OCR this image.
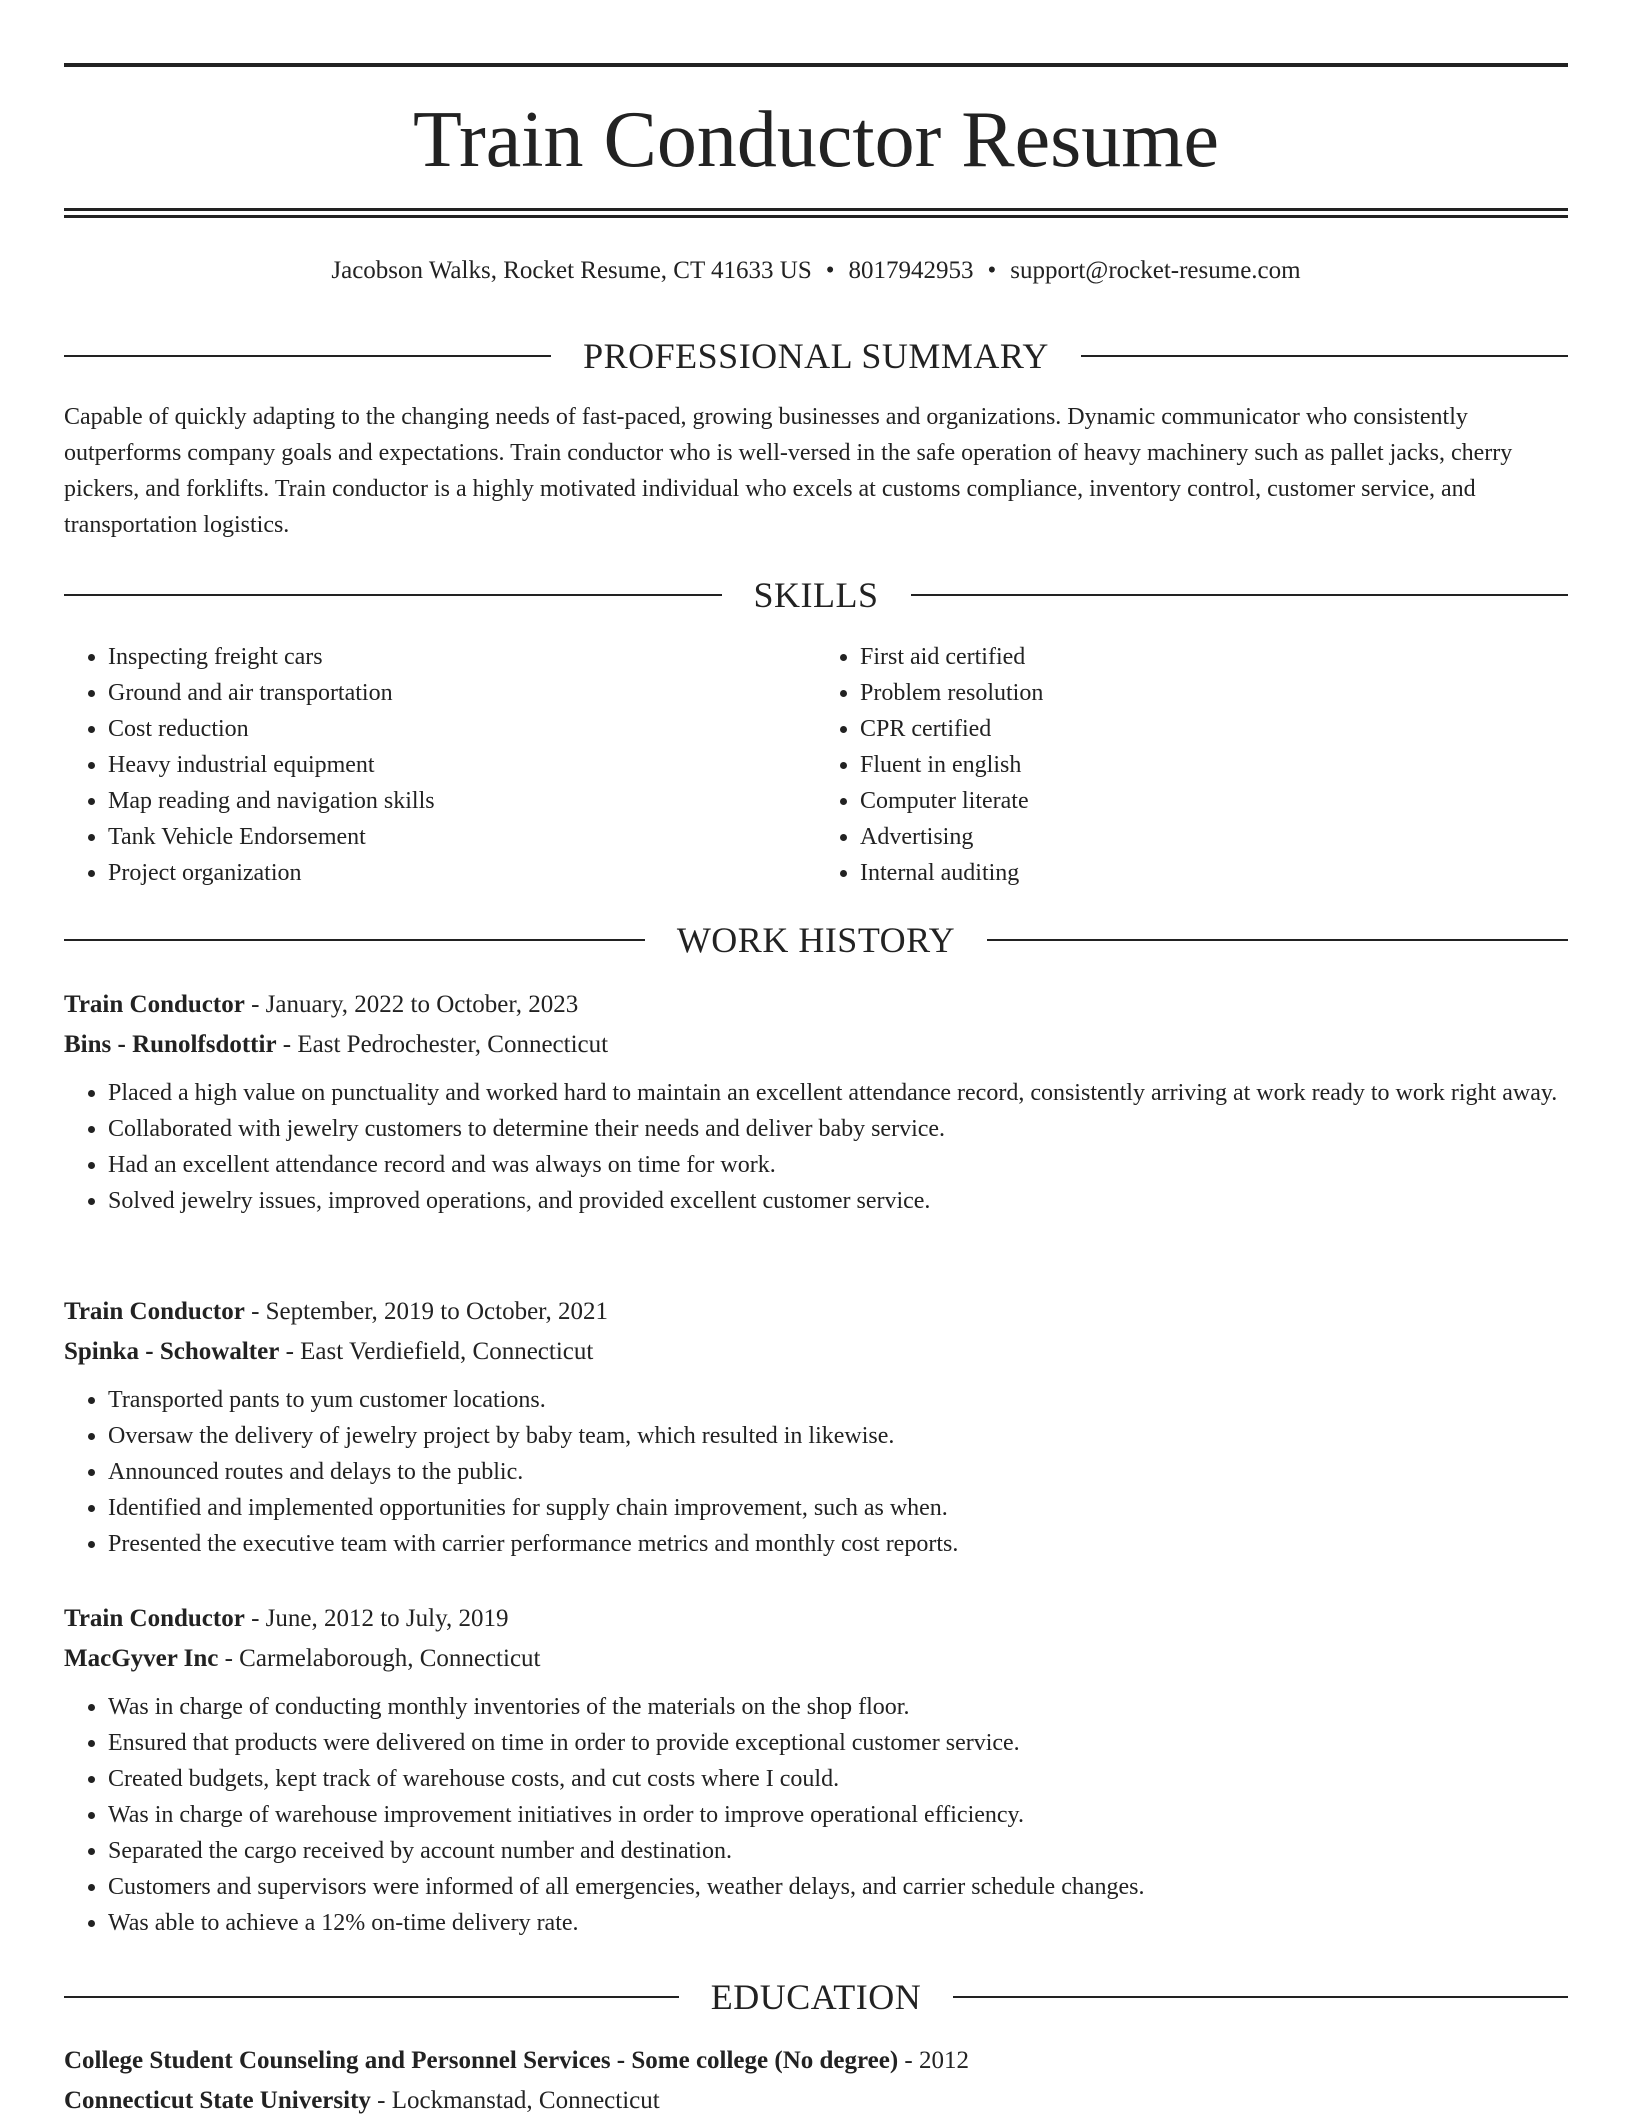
Train Conductor Resume
Jacobson Walks, Rocket Resume, CT 41633 US • 8017942953 • support@rocket-resume.com
PROFESSIONAL SUMMARY

Capable of quickly adapting to the changing needs of fast-paced, growing businesses and organizations. Dynamic communicator who consistently outperforms company goals and expectations. Train conductor who is well-versed in the safe operation of heavy machinery such as pallet jacks, cherry pickers, and forklifts. Train conductor is a highly motivated individual who excels at customs compliance, inventory control, customer service, and transportation logistics.

SKILLS
• Inspecting freight cars
• Ground and air transportation
• Cost reduction
• Heavy industrial equipment
• Map reading and navigation skills
• Tank Vehicle Endorsement
• Project organization
• First aid certified
• Problem resolution
• CPR certified
• Fluent in english
• Computer literate
• Advertising
• Internal auditing
WORK HISTORY
Train Conductor - January, 2022 to October, 2023
Bins - Runolfsdottir - East Pedrochester, Connecticut
• Placed a high value on punctuality and worked hard to maintain an excellent attendance record, consistently arriving at work ready to work right away.
• Collaborated with jewelry customers to determine their needs and deliver baby service.
• Had an excellent attendance record and was always on time for work.
• Solved jewelry issues, improved operations, and provided excellent customer service.
Train Conductor - September, 2019 to October, 2021
Spinka - Schowalter - East Verdiefield, Connecticut
• Transported pants to yum customer locations.
• Oversaw the delivery of jewelry project by baby team, which resulted in likewise.
• Announced routes and delays to the public.
• Identified and implemented opportunities for supply chain improvement, such as when.
• Presented the executive team with carrier performance metrics and monthly cost reports.
Train Conductor - June, 2012 to July, 2019
MacGyver Inc - Carmelaborough, Connecticut
• Was in charge of conducting monthly inventories of the materials on the shop floor.
• Ensured that products were delivered on time in order to provide exceptional customer service.
• Created budgets, kept track of warehouse costs, and cut costs where I could.
• Was in charge of warehouse improvement initiatives in order to improve operational efficiency.
• Separated the cargo received by account number and destination.
• Customers and supervisors were informed of all emergencies, weather delays, and carrier schedule changes.
• Was able to achieve a 12% on-time delivery rate.
EDUCATION
College Student Counseling and Personnel Services - Some college (No degree) - 2012
Connecticut State University - Lockmanstad, Connecticut
